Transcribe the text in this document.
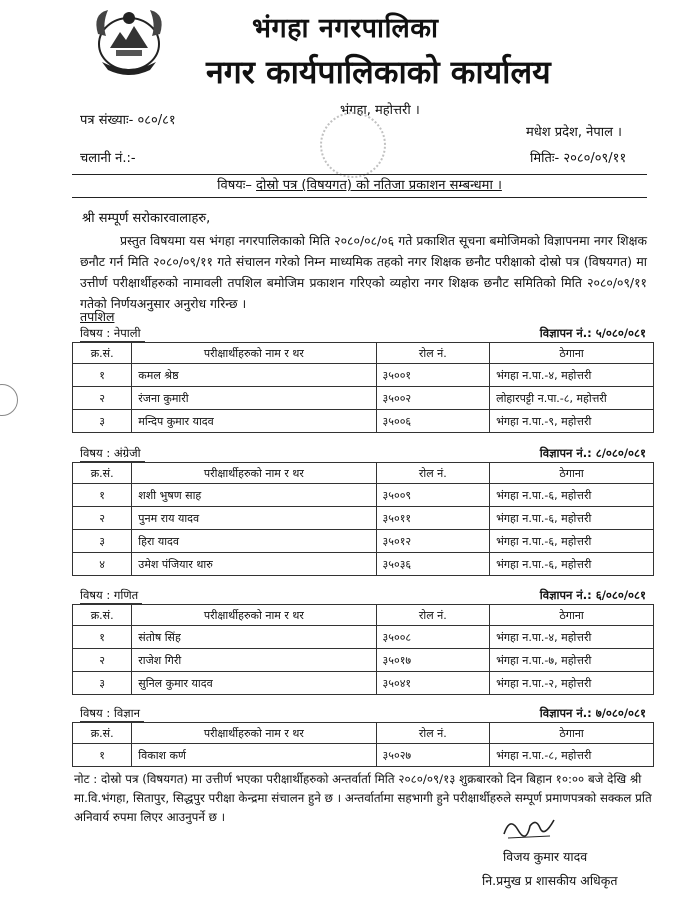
भंगहा नगरपालिका
नगर कार्यपालिकाको कार्यालय
भंगहा, महोत्तरी ।
पत्र संख्याः- ०८०/८१
मधेश प्रदेश, नेपाल ।
चलानी नं.:-	मितिः- २०८०/०९/११
विषयः– दोस्रो पत्र (विषयगत) को नतिजा प्रकाशन सम्बन्धमा ।
श्री सम्पूर्ण सरोकारवालाहरु,
प्रस्तुत विषयमा यस भंगहा नगरपालिकाको मिति २०८०/०८/०६ गते प्रकाशित सूचना बमोजिमको विज्ञापनमा नगर शिक्षक छनौट गर्न मिति २०८०/०९/११ गते संचालन गरेको निम्न माध्यमिक तहको नगर शिक्षक छनौट परीक्षाको दोस्रो पत्र (विषयगत) मा उत्तीर्ण परीक्षार्थीहरुको नामावली तपशिल बमोजिम प्रकाशन गरिएको व्यहोरा नगर शिक्षक छनौट समितिको मिति २०८०/०९/११ गतेको निर्णयअनुसार अनुरोध गरिन्छ ।
तपशिल
विषय : नेपाली	विज्ञापन नं.: ५/०८०/०८१
क्र.सं.	परीक्षार्थीहरुको नाम र थर	रोल नं.	ठेगाना
१	कमल श्रेष्ठ	३५००१	भंगहा न.पा.-४, महोत्तरी
२	रंजना कुमारी	३५००२	लोहारपट्टी न.पा.-८, महोत्तरी
३	मन्दिप कुमार यादव	३५००६	भंगहा न.पा.-९, महोत्तरी
विषय : अंग्रेजी	विज्ञापन नं.: ८/०८०/०८१
क्र.सं.	परीक्षार्थीहरुको नाम र थर	रोल नं.	ठेगाना
१	शशी भुषण साह	३५००९	भंगहा न.पा.-६, महोत्तरी
२	पुनम राय यादव	३५०११	भंगहा न.पा.-६, महोत्तरी
३	हिरा यादव	३५०१२	भंगहा न.पा.-६, महोत्तरी
४	उमेश पंजियार थारु	३५०३६	भंगहा न.पा.-६, महोत्तरी
विषय : गणित	विज्ञापन नं.: ६/०८०/०८१
क्र.सं.	परीक्षार्थीहरुको नाम र थर	रोल नं.	ठेगाना
१	संतोष सिंह	३५००८	भंगहा न.पा.-४, महोत्तरी
२	राजेश गिरी	३५०१७	भंगहा न.पा.-७, महोत्तरी
३	सुनिल कुमार यादव	३५०४१	भंगहा न.पा.-२, महोत्तरी
विषय : विज्ञान	विज्ञापन नं.: ७/०८०/०८१
क्र.सं.	परीक्षार्थीहरुको नाम र थर	रोल नं.	ठेगाना
१	विकाश कर्ण	३५०२७	भंगहा न.पा.-८, महोत्तरी
नोट : दोस्रो पत्र (विषयगत) मा उत्तीर्ण भएका परीक्षार्थीहरुको अन्तर्वार्ता मिति २०८०/०९/१३ शुक्रबारको दिन बिहान १०:०० बजे देखि श्री मा.वि.भंगहा, सितापुर, सिद्धपुर परीक्षा केन्द्रमा संचालन हुने छ । अन्तर्वार्तामा सहभागी हुने परीक्षार्थीहरुले सम्पूर्ण प्रमाणपत्रको सक्कल प्रति अनिवार्य रुपमा लिएर आउनुपर्ने छ ।
विजय कुमार यादव
नि.प्रमुख प्र शासकीय अधिकृत
